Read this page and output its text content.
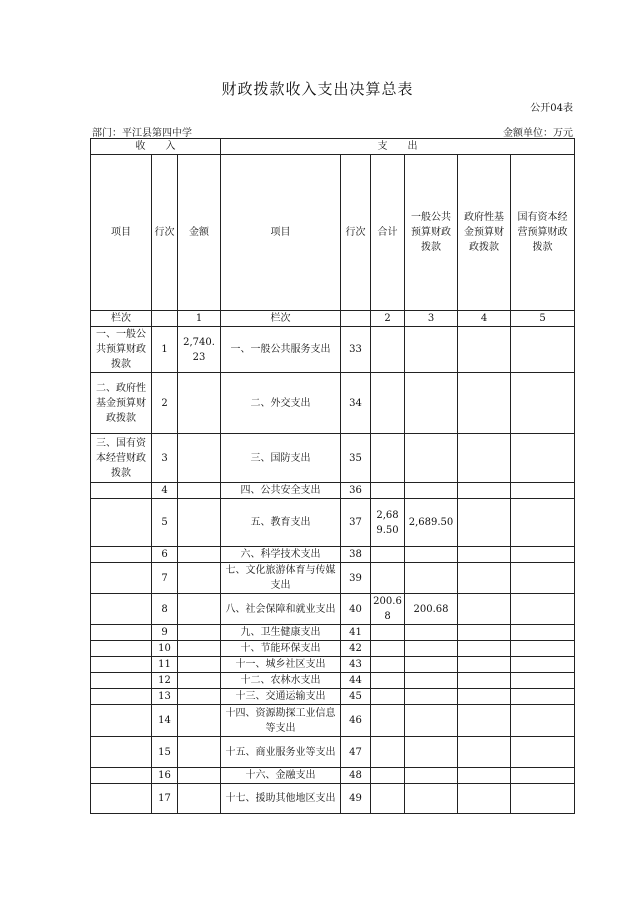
财政拨款收入支出决算总表
公开04表
部门：平江县第四中学	金额单位：万元
收　　入			支　　出					
项目	行次	金额	项目	行次	合计	一般公共预算财政拨款	政府性基金预算财政拨款	国有资本经营预算财政拨款
栏次		1	栏次		2	3	4	5
一、一般公共预算财政拨款	1	2,740.23	一、一般公共服务支出	33				
二、政府性基金预算财政拨款	2		二、外交支出	34				
三、国有资本经营财政拨款	3		三、国防支出	35				
	4		四、公共安全支出	36				
	5		五、教育支出	37	2,689.50	2,689.50		
	6		六、科学技术支出	38				
	7		七、文化旅游体育与传媒支出	39				
	8		八、社会保障和就业支出	40	200.68	200.68		
	9		九、卫生健康支出	41				
	10		十、节能环保支出	42				
	11		十一、城乡社区支出	43				
	12		十二、农林水支出	44				
	13		十三、交通运输支出	45				
	14		十四、资源勘探工业信息等支出	46				
	15		十五、商业服务业等支出	47				
	16		十六、金融支出	48				
	17		十七、援助其他地区支出	49				
